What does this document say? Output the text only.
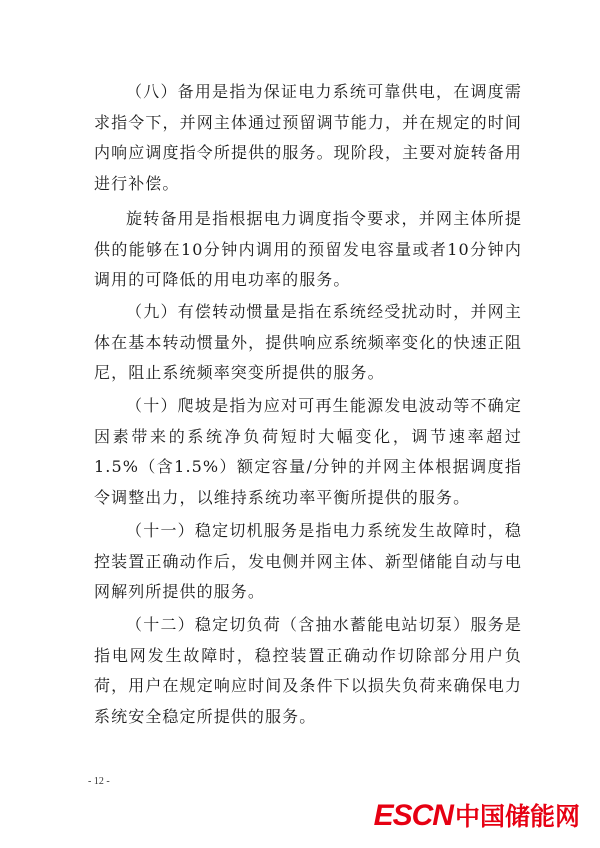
（八）备用是指为保证电力系统可靠供电，在调度需求指令下，并网主体通过预留调节能力，并在规定的时间内响应调度指令所提供的服务。现阶段，主要对旋转备用进行补偿。

旋转备用是指根据电力调度指令要求，并网主体所提供的能够在10分钟内调用的预留发电容量或者10分钟内调用的可降低的用电功率的服务。

（九）有偿转动惯量是指在系统经受扰动时，并网主体在基本转动惯量外，提供响应系统频率变化的快速正阻尼，阻止系统频率突变所提供的服务。

（十）爬坡是指为应对可再生能源发电波动等不确定因素带来的系统净负荷短时大幅变化，调节速率超过1.5%（含1.5%）额定容量/分钟的并网主体根据调度指令调整出力，以维持系统功率平衡所提供的服务。

（十一）稳定切机服务是指电力系统发生故障时，稳控装置正确动作后，发电侧并网主体、新型储能自动与电网解列所提供的服务。

（十二）稳定切负荷（含抽水蓄能电站切泵）服务是指电网发生故障时，稳控装置正确动作切除部分用户负荷，用户在规定响应时间及条件下以损失负荷来确保电力系统安全稳定所提供的服务。

- 12 -
ESCN中国储能网
